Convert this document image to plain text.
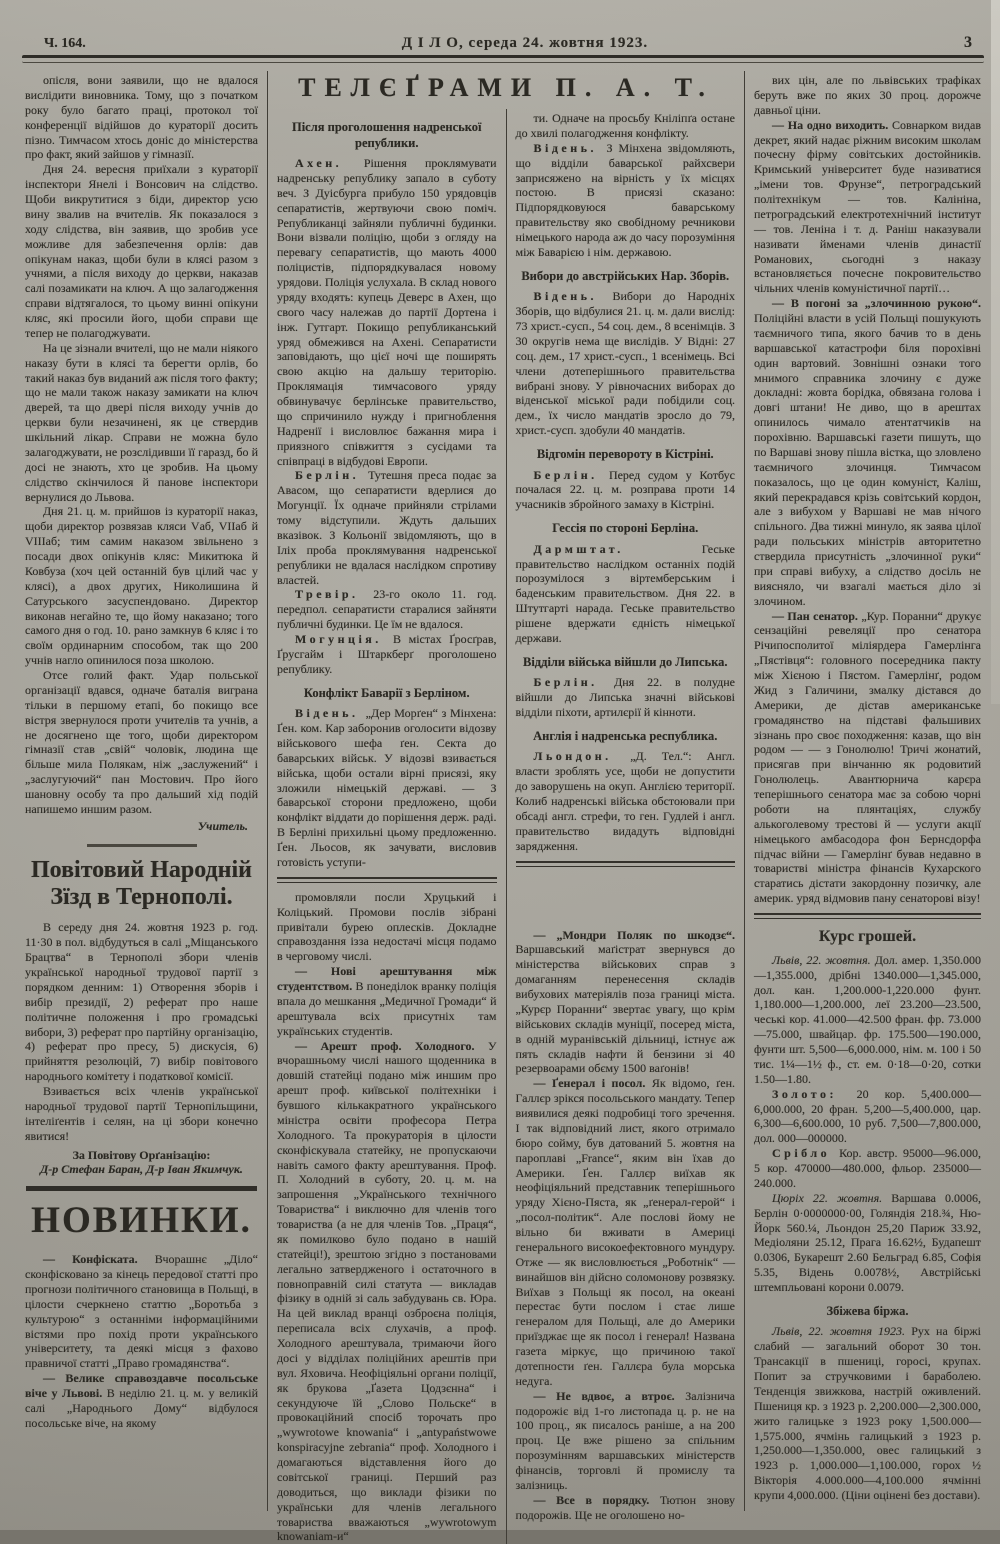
Ч. 164.	Д І Л О, середа 24. жовтня 1923.	3

опісля, вони заявили, що не вдалося вислідити виновника. Тому, що з початком року було багато праці, протокол тої конференції відійшов до кураторії досить пізно. Тимчасом хтось доніс до міністерства про факт, який зайшов у гімназії.

Дня 24. вересня приїхали з кураторії інспектори Янелі і Вонсович на слідство. Щоби викрутитися з біди, директор усю вину звалив на вчителів. Як показалося з ходу слідства, він заявив, що зробив усе можливе для забезпечення орлів: дав опікунам наказ, щоби були в клясі разом з учнями, а після виходу до церкви, наказав салі позамикати на ключ. А що залагодження справи відтягалося, то цьому винні опікуни кляс, які просили його, щоби справи ще тепер не полагоджувати.

На це зізнали вчителі, що не мали ніякого наказу бути в клясі та берегти орлів, бо такий наказ був виданий аж після того факту; що не мали також наказу замикати на ключ дверей, та що двері після виходу учнів до церкви були незачинені, як це ствердив шкільний лікар. Справи не можна було залагоджувати, не розслідивши її гаразд, бо й досі не знають, хто це зробив. На цьому слідство скінчилося й панове інспектори вернулися до Львова.

Дня 21. ц. м. прийшов із кураторії наказ, щоби директор розвязав кляси Vаб, VІІаб й VІІІаб; тим самим наказом звільнено з посади двох опікунів кляс: Микитюка й Ковбуза (хоч цей останній був цілий час у клясі), а двох других, Николишина й Сатурського засуспендовано. Директор виконав негайно те, що йому наказано; того самого дня о год. 10. рано замкнув 6 кляс і то своїм ординарним способом, так що 200 учнів нагло опинилося поза школою.

Отсе голий факт. Удар польської організації вдався, одначе баталія виграна тільки в першому етапі, бо покищо все вістря звернулося проти учителів та учнів, а не досягнено ще того, щоби директором гімназії став „свій“ чоловік, людина ще більше мила Полякам, ніж „заслужений“ і „заслугуючий“ пан Мостович. Про його шановну особу та про дальший хід подій напишемо иншим разом.

Учитель.
Повітовий Народній Зїзд в Тернополі.

В середу дня 24. жовтня 1923 р. год. 11·30 в пол. відбудуться в салі „Міщанського Брацтва“ в Тернополі збори членів української народньої трудової партії з порядком денним: 1) Отворення зборів і вибір президії, 2) реферат про наше політичне положення і про громадські вибори, 3) реферат про партійну організацію, 4) реферат про пресу, 5) дискусія, 6) прийняття резолюцій, 7) вибір повітового народнього комітету і податкової комісії.

Взивається всіх членів української народньої трудової партії Тернопільщини, інтеліґентів і селян, на ці збори конечно явитися!

За Повітову Орґанізацію:
Д-р Стефан Баран, Д-р Іван Якимчук.
НОВИНКИ.

— Конфіската. Вчорашнє „Діло“ сконфісковано за кінець передової статті про прогнози політичного становища в Польщі, в цілости счеркнено статтю „Боротьба з культурою“ з останніми інформаційними вістями про похід проти українського університету, та деякі місця з фахово правничої статті „Право громадянства“.

— Велике справоздавче посольське віче у Львові. В неділю 21. ц. м. у великій салі „Народнього Дому“ відбулося посольське віче, на якому

ТЕЛЄҐРАМИ П. А. Т.
Після проголошення надренської републики.

Ахен. Рішення проклямувати надренську републику запало в суботу веч. З Дуісбурга прибуло 150 урядовців сепаратистів, жертвуючи свою поміч. Републиканці зайняли публичні будинки. Вони візвали поліцію, щоби з огляду на перевагу сепаратистів, що мають 4000 поліцистів, підпорядкувалася новому урядови. Поліція услухала. В склад нового уряду входять: купець Деверс в Ахен, що свого часу належав до партії Дортена і інж. Гутгарт. Покищо републиканський уряд обмежився на Ахені. Сепаратисти заповідають, що цієї ночі ще поширять свою акцію на дальшу територію. Проклямація тимчасового уряду обвинувачує берлінське правительство, що спричинило нужду і пригноблення Надренії і висловлює бажання мира і приязного співжиття з сусідами та співпраці в відбудові Европи.

Берлін. Тутешня преса подає за Авасом, що сепаратисти вдерлися до Могунції. Їх одначе прийняли стрілами тому відступили. Ждуть дальших вказівок. З Кольонії звідомляють, що в Іліх проба проклямування надренської републики не вдалася наслідком спротиву властей.

Тревір. 23-го около 11. год. передпол. сепаратисти старалися зайняти публичні будинки. Це їм не вдалося.

Могунція. В містах Ґросґрав, Ґрусгайм і Штаркберґ проголошено републику.

Конфлікт Баварії з Берліном.

Відень. „Дер Морґен“ з Мінхена: Ґен. ком. Кар заборонив оголосити відозву військового шефа ґен. Секта до баварських військ. У відозві взивається війська, щоби остали вірні присязі, яку зложили німецькій державі. — З баварської сторони предложено, щоби конфлікт віддати до порішення держ. раді. В Берліні прихильні цьому предложенню. Ґен. Льосов, як зачувати, висловив готовість уступи-

промовляли посли Хруцький і Коліцький. Промови послів зібрані привітали бурею оплесків. Докладне справоздання ізза недостачі місця подамо в черговому числі.

— Нові арештування між студентством. В понеділок вранку поліція впала до мешкання „Медичної Громади“ й арештувала всіх присутніх там українських студентів.

— Арешт проф. Холодного. У вчорашньому числі нашого щоденника в довшій статейці подано між иншим про арешт проф. київської політехніки і бувшого кількакратного українського міністра освіти професора Петра Холодного. Та прокураторія в цілости сконфіскувала статейку, не пропускаючи навіть самого факту арештування. Проф. П. Холодний в суботу, 20. ц. м. на запрошення „Українського технічного Товариства“ і виключно для членів того товариства (а не для членів Тов. „Праця“, як помилково було подано в нашій статейці!), зрештою згідно з постановами легально затвердженого і остаточного в повноправній силі статута — викладав фізику в одній зі саль забудувань св. Юра. На цей виклад вранці озброєна поліція, переписала всіх слухачів, а проф. Холодного арештувала, тримаючи його досі у відділах поліційних арештів при вул. Яховича. Неофіціяльні органи поліції, як брукова „Ґазета Цодзєнна“ і секундуюче їй „Слово Польске“ в провокаційний спосіб торочать про „wywrotowe knowania“ і „antypaństwowe konspiracyjne zebrania“ проф. Холодного і домагаються відставлення його до совітської границі. Перший раз доводиться, що виклади фізики по українськи для членів легального товариства вважаються „wywrotowym knowaniam-и“

ти. Одначе на просьбу Кніліпґа остане до хвилі полагодження конфлікту.

Відень. З Мінхена звідомляють, що відділи баварської райхсвери заприсяжено на вірність у їх місцях постою. В присязі сказано: Підпорядковуюся баварському правительству яко свобідному речникови німецького народа аж до часу порозуміння між Баварією і нім. державою.

Вибори до австрійських Нар. Зборів.

Відень. Вибори до Народніх Зборів, що відбулися 21. ц. м. дали вислід: 73 христ.-сусп., 54 соц. дем., 8 всенімців. З 30 округів нема ще вислідів. У Відні: 27 соц. дем., 17 христ.-сусп., 1 всенімець. Всі члени дотеперішнього правительства вибрані знову. У рівночасних виборах до віденської міської ради побідили соц. дем., їх число мандатів зросло до 79, христ.-сусп. здобули 40 мандатів.

Відгомін перевороту в Кістріні.

Берлін. Перед судом у Котбус почалася 22. ц. м. розправа проти 14 учасників збройного замаху в Кістріні.

Гессія по стороні Берліна.

Дармштат.	Геське правительство наслідком останніх подій порозумілося з віртемберським і баденським правительством. Дня 22. в Штутгарті нарада. Геське правительство рішене вдержати єдність німецької держави.

Відділи війська війшли до Липська.

Берлін. Дня 22. в полудне війшли до Липська значні військові відділи піхоти, артилєрії й кінноти.

Англія і надренська республика.

Льондон. „Д. Тел.“: Англ. власти зроблять усе, щоби не допустити до заворушень на окуп. Англією території. Колиб надренські війська обстоювали при обсаді англ. стрефи, то ген. Гудлей і англ. правительство видадуть відповідні зарядження.

— „Мондри Поляк по шкодзє“.Варшавський маґістрат звернувся до міністерства військових справ з домаганням перенесення складів вибухових матеріялів поза границі міста. „Курєр Поранни“ звертає увагу, що крім військових складів муніції, посеред міста, в одній муранівській дільниці, істнує аж пять складів нафти й бензини зі 40 резервоарами обєму 1500 ваґонів!

— Ґенерал і посол. Як відомо, ґен. Галлєр зрікся посольського мандату. Тепер виявилися деякі подробиці того зречення. І так відповідний лист, якого отримало бюро сойму, був датований 5. жовтня на пароплаві „France“, яким він їхав до Америки. Ґен. Галлєр виїхав як неофіціяльний представник теперішнього уряду Хієно-Пяста, як „ґенерал-герой“ і „посол-політик“. Але послові йому не вільно би вживати в Америці генерального високоефектовного мундуру. Отже — як висловлюється „Роботнік“ — винайшов він дійсно соломонову розвязку. Виїхав з Польщі як посол, на океані перестає бути послом і стає лише генералом для Польщі, але до Америки приїзджає ще як посол і генерал! Названа газета міркує, що причиною такої дотепности ґен. Галлєра була морська недуга.

— Не вдвоє, а втроє. Залізнича подорожіє від 1-го листопада ц. р. не на 100 проц., як писалось раніше, а на 200 проц. Це вже рішено за спільним порозумінням варшавських міністерств фінансів, торговлі й промислу та залізниць.

— Все в порядку. Тютюн знову подорожів. Ще не оголошено но-

вих цін, але по львівських трафіках беруть вже по яких 30 проц. дорожче давньої ціни.

— На одно виходить. Совнарком видав декрет, який надає ріжним високим школам почесну фірму совітських достойників. Кримський університет буде називатися „імени тов. Фрунзе“, петроградський політехнікум — тов. Калініна, петроградський електротехнічний інститут — тов. Леніна і т. д. Раніш наказували називати йменами членів династії Романових, сьогодні з наказу встановляється почесне покровительство чільних членів комуністичної партії…

— В погоні за „злочинною рукою“.Поліційні власти в усій Польщі пошукують таємничого типа, якого бачив то в день варшавської катастрофи біля порохівні один вартовий. Зовнішні ознаки того мнимого справника злочину є дуже докладні: жовта борідка, обвязана голова і довгі штани! Не диво, що в арештах опинилось чимало атентатчиків на порохівню. Варшавські газети пишуть, що по Варшаві знову пішла вістка, що зловлено таємничого злочинця. Тимчасом показалось, що це один комуніст, Каліш, який перекрадався крізь совітський кордон, але з вибухом у Варшаві не мав нічого спільного. Два тижні минуло, як заява цілої ради польських міністрів авторитетно ствердила присутність „злочинної руки“ при справі вибуху, а слідство досіль не виясняло, чи взагалі мається діло зі злочином.

— Пан сенатор. „Кур. Поранни“ друкує сензаційні ревеляції про сенатора Річипосполитої міліярдера Гамерлінга „Пястівця“: головного посередника пакту між Хієною і Пястом. Гамерлінґ, родом Жид з Галичини, змалку дістався до Америки, де дістав американське громадянство на підставі фальшивих зізнань про своє походження: казав, що він родом — — з Гонолюлю! Тричі жонатий, присягав при вінчанню як родовитий Гонолюлець. Авантюрнича карєра теперішнього сенатора має за собою чорні роботи на плянтаціях, службу алькоголевому трестові й — услуги акції німецького амбасодора фон Бернсдорфа підчас війни — Гамерлінґ бував недавно в товаристві міністра фінансів Кухарского старатись дістати закордонну позичку, але америк. уряд відмовив пану сенаторові візу!

Курс грошей.

Львів, 22. жовтня. Дол. амер. 1,350.000—1,355.000, дрібні 1340.000—1,345.000, дол. кан. 1,200.000-1,220.000 фунт. 1,180.000—1,200.000, леї 23.200—23.500, чеські кор. 41.000—42.500 фран. фр. 73.000—75.000, швайцар. фр. 175.500—190.000, фунти шт. 5,500—6,000.000, нім. м. 100 і 50 тис. 1¼—1½ ф., ст. ем. 0·18—0·20, сотки 1.50—1.80.

Золото: 20 кор. 5,400.000—6,000.000, 20 фран. 5,200—5,400.000, цар. 6,300—6,600.000, 10 руб. 7,500—7,800.000, дол. 000—000000.

Срібло Кор. австр. 95000—96.000, 5 кор. 470000—480.000, фльор. 235000—240.000.

Цюріх 22. жовтня. Варшава 0.0006, Берлін 0·0000000·00, Голяндія 218.¾, Ню-Йорк 560.¼, Льондон 25,20 Париж 33.92, Медіоляни 25.12, Прага 16.62½, Будапешт 0.0306, Букарешт 2.60 Бельград 6.85, Софія 5.35, Відень 0.0078½, Австрійські штемпльовані корони 0.0079.

Збіжева біржа.

Львів, 22. жовтня 1923. Рух на біржі слабий — загальний оборот 30 тон. Трансакції в пшениці, горосі, крупах. Попит за стручковими і бараболею. Тенденція звижкова, настрій оживлений. Пшениця кр. з 1923 р. 2,200.000—2,300.000, жито галицьке з 1923 року 1,500.000—1,575.000, ячмінь галицький з 1923 р. 1,250.000—1,350.000, овес галицький з 1923 р. 1,000.000—1,100.000, горох ½ Вікторія 4.000.000—4,100.000 ячмінні крупи 4,000.000. (Ціни оцінені без достави).
